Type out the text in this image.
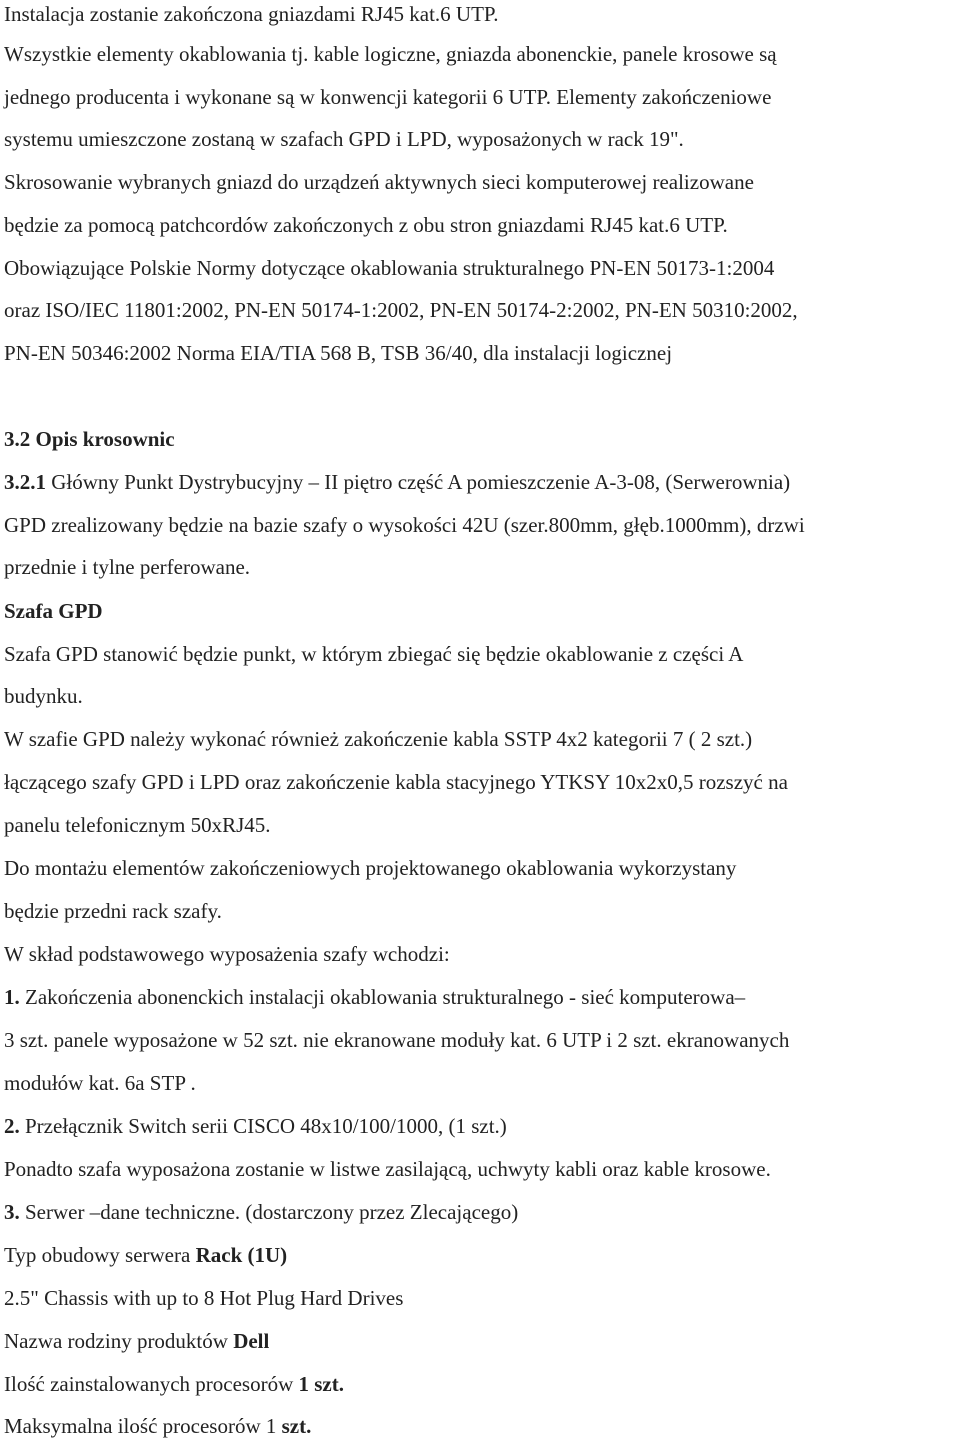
Instalacja zostanie zakończona gniazdami RJ45 kat.6 UTP.
Wszystkie elementy okablowania tj. kable logiczne, gniazda abonenckie, panele krosowe są
jednego producenta i wykonane są w konwencji kategorii 6 UTP. Elementy zakończeniowe
systemu umieszczone zostaną w szafach GPD i LPD, wyposażonych w rack 19".
Skrosowanie wybranych gniazd do urządzeń aktywnych sieci komputerowej realizowane
będzie za pomocą patchcordów zakończonych z obu stron gniazdami RJ45 kat.6 UTP.
Obowiązujące Polskie Normy dotyczące okablowania strukturalnego PN-EN 50173-1:2004
oraz ISO/IEC 11801:2002, PN-EN 50174-1:2002, PN-EN 50174-2:2002, PN-EN 50310:2002,
PN-EN 50346:2002 Norma EIA/TIA 568 B, TSB 36/40, dla instalacji logicznej
3.2 Opis krosownic
3.2.1 Główny Punkt Dystrybucyjny – II piętro część A pomieszczenie A-3-08, (Serwerownia)
GPD zrealizowany będzie na bazie szafy o wysokości 42U (szer.800mm, głęb.1000mm), drzwi
przednie i tylne perferowane.
Szafa GPD
Szafa GPD stanowić będzie punkt, w którym zbiegać się będzie okablowanie z części A
budynku.
W szafie GPD należy wykonać również zakończenie kabla SSTP 4x2 kategorii 7 ( 2 szt.)
łączącego szafy GPD i LPD oraz zakończenie kabla stacyjnego YTKSY 10x2x0,5 rozszyć na
panelu telefonicznym 50xRJ45.
Do montażu elementów zakończeniowych projektowanego okablowania wykorzystany
będzie przedni rack szafy.
W skład podstawowego wyposażenia szafy wchodzi:
1. Zakończenia abonenckich instalacji okablowania strukturalnego - sieć komputerowa–
3 szt. panele wyposażone w 52 szt. nie ekranowane moduły kat. 6 UTP i 2 szt. ekranowanych
modułów kat. 6a STP .
2. Przełącznik Switch serii CISCO 48x10/100/1000, (1 szt.)
Ponadto szafa wyposażona zostanie w listwe zasilającą, uchwyty kabli oraz kable krosowe.
3. Serwer –dane techniczne. (dostarczony przez Zlecającego)
Typ obudowy serwera Rack (1U)
2.5" Chassis with up to 8 Hot Plug Hard Drives
Nazwa rodziny produktów Dell
Ilość zainstalowanych procesorów 1 szt.
Maksymalna ilość procesorów 1 szt.
